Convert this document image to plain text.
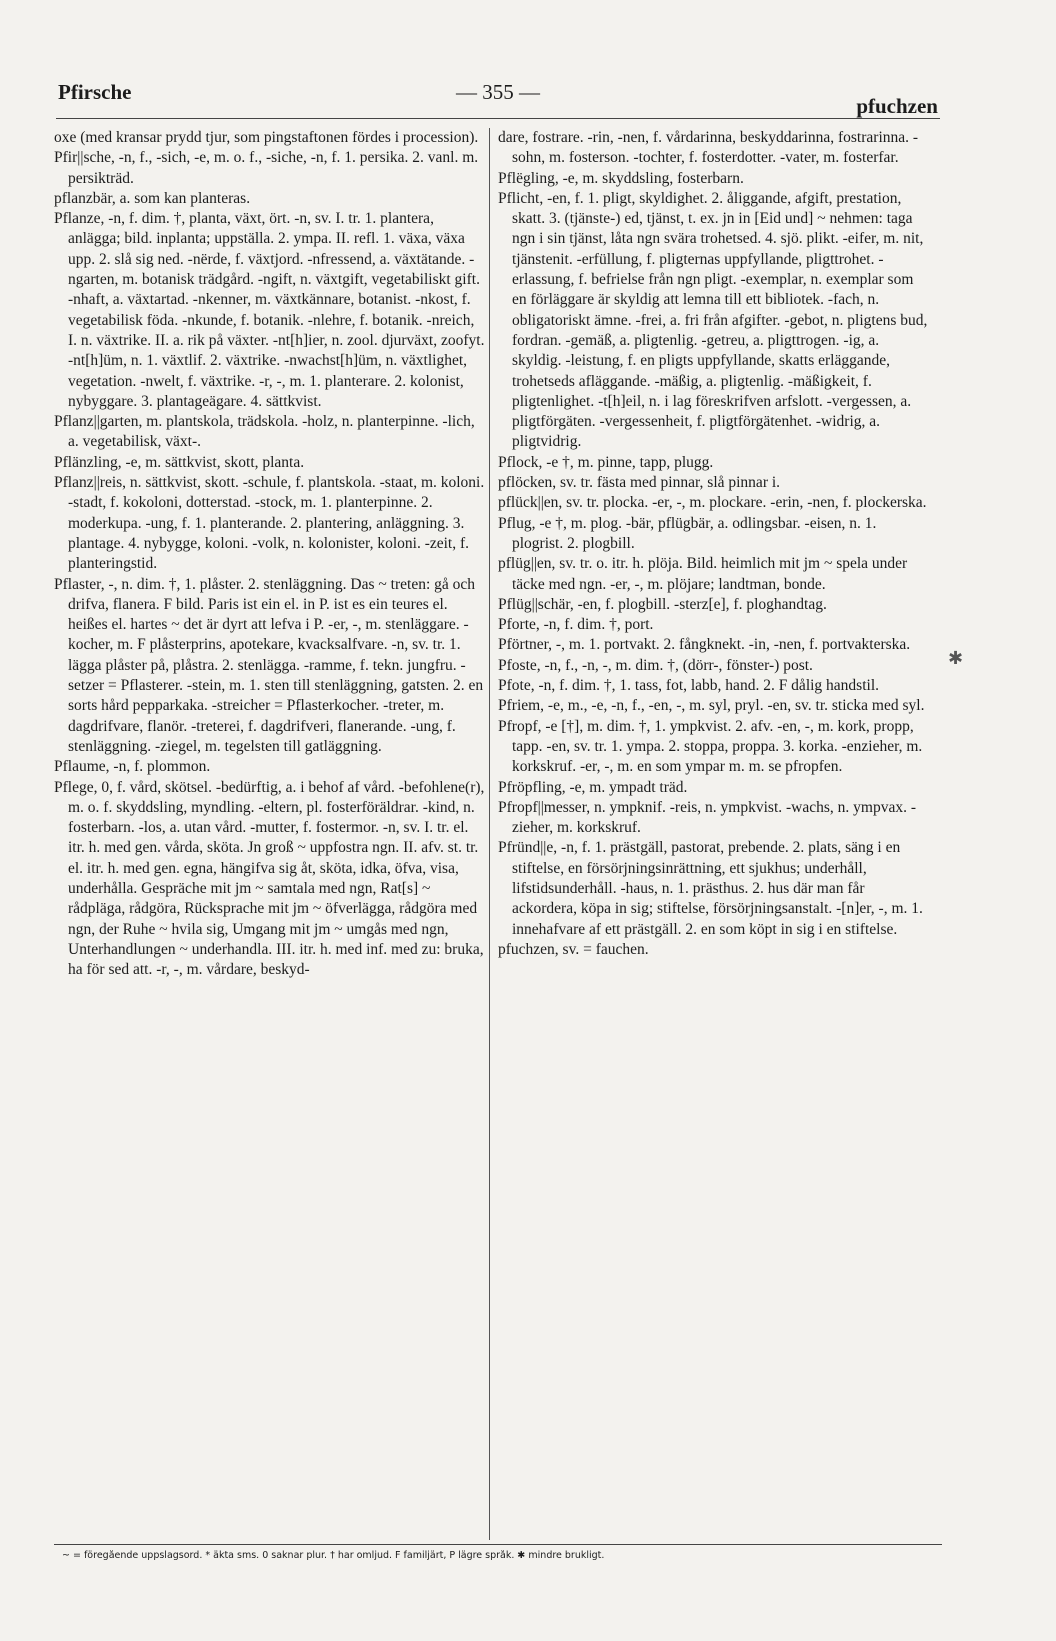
Pfirsche	— 355 —
pfuchzen

oxe (med kransar prydd tjur, som pingstaftonen fördes i procession).

Pfir||sche, -n, f., -sich, -e, m. o. f., -siche, -n, f. 1. persika. 2. vanl. m. persikträd.

pflanzbär, a. som kan planteras.

Pflanze, -n, f. dim. †, planta, växt, ört. -n, sv. I. tr. 1. plantera, anlägga; bild. inplanta; uppställa. 2. ympa. II. refl. 1. växa, växa upp. 2. slå sig ned. -nërde, f. växtjord. -nfressend, a. växtätande. -ngarten, m. botanisk trädgård. -ngift, n. växtgift, vegetabiliskt gift. -nhaft, a. växtartad. -nkenner, m. växtkännare, botanist. -nkost, f. vegetabilisk föda. -nkunde, f. botanik. -nlehre, f. botanik. -nreich, I. n. växtrike. II. a. rik på växter. -nt[h]ier, n. zool. djurväxt, zoofyt. -nt[h]üm, n. 1. växtlif. 2. växtrike. -nwachst[h]üm, n. växtlighet, vegetation. -nwelt, f. växtrike. -r, -, m. 1. planterare. 2. kolonist, nybyggare. 3. plantageägare. 4. sättkvist.

Pflanz||garten, m. plantskola, trädskola. -holz, n. planterpinne. -lich, a. vegetabilisk, växt-.

Pflänzling, -e, m. sättkvist, skott, planta.

Pflanz||reis, n. sättkvist, skott. -schule, f. plantskola. -staat, m. koloni. -stadt, f. kokoloni, dotterstad. -stock, m. 1. planterpinne. 2. moderkupa. -ung, f. 1. planterande. 2. plantering, anläggning. 3. plantage. 4. nybygge, koloni. -volk, n. kolonister, koloni. -zeit, f. planteringstid.

Pflaster, -, n. dim. †, 1. plåster. 2. stenläggning. Das ~ treten: gå och drifva, flanera. F bild. Paris ist ein el. in P. ist es ein teures el. heißes el. hartes ~ det är dyrt att lefva i P. -er, -, m. stenläggare. -kocher, m. F plåsterprins, apotekare, kvacksalfvare. -n, sv. tr. 1. lägga plåster på, plåstra. 2. stenlägga. -ramme, f. tekn. jungfru. -setzer = Pflasterer. -stein, m. 1. sten till stenläggning, gatsten. 2. en sorts hård pepparkaka. -streicher = Pflasterkocher. -treter, m. dagdrifvare, flanör. -treterei, f. dagdrifveri, flanerande. -ung, f. stenläggning. -ziegel, m. tegelsten till gatläggning.

Pflaume, -n, f. plommon.

Pflege, 0, f. vård, skötsel. -bedürftig, a. i behof af vård. -befohlene(r), m. o. f. skyddsling, myndling. -eltern, pl. fosterföräldrar. -kind, n. fosterbarn. -los, a. utan vård. -mutter, f. fostermor. -n, sv. I. tr. el. itr. h. med gen. vårda, sköta. Jn groß ~ uppfostra ngn. II. afv. st. tr. el. itr. h. med gen. egna, hängifva sig åt, sköta, idka, öfva, visa, underhålla. Gespräche mit jm ~ samtala med ngn, Rat[s] ~ rådpläga, rådgöra, Rücksprache mit jm ~ öfverlägga, rådgöra med ngn, der Ruhe ~ hvila sig, Umgang mit jm ~ umgås med ngn, Unterhandlungen ~ underhandla. III. itr. h. med inf. med zu: bruka, ha för sed att. -r, -, m. vårdare, beskyd-

dare, fostrare. -rin, -nen, f. vårdarinna, beskyddarinna, fostrarinna. -sohn, m. fosterson. -tochter, f. fosterdotter. -vater, m. fosterfar.

Pflëgling, -e, m. skyddsling, fosterbarn.

Pflicht, -en, f. 1. pligt, skyldighet. 2. åliggande, afgift, prestation, skatt. 3. (tjänste-) ed, tjänst, t. ex. jn in [Eid und] ~ nehmen: taga ngn i sin tjänst, låta ngn svära trohetsed. 4. sjö. plikt. -eifer, m. nit, tjänstenit. -erfüllung, f. pligternas uppfyllande, pligttrohet. -erlassung, f. befrielse från ngn pligt. -exemplar, n. exemplar som en förläggare är skyldig att lemna till ett bibliotek. -fach, n. obligatoriskt ämne. -frei, a. fri från afgifter. -gebot, n. pligtens bud, fordran. -gemäß, a. pligtenlig. -getreu, a. pligttrogen. -ig, a. skyldig. -leistung, f. en pligts uppfyllande, skatts erläggande, trohetseds afläggande. -mäßig, a. pligtenlig. -mäßigkeit, f. pligtenlighet. -t[h]eil, n. i lag föreskrifven arfslott. -vergessen, a. pligtförgäten. -vergessenheit, f. pligtförgätenhet. -widrig, a. pligtvidrig.

Pflock, -e †, m. pinne, tapp, plugg.

pflöcken, sv. tr. fästa med pinnar, slå pinnar i.

pflück||en, sv. tr. plocka. -er, -, m. plockare. -erin, -nen, f. plockerska.

Pflug, -e †, m. plog. -bär, pflügbär, a. odlingsbar. -eisen, n. 1. plogrist. 2. plogbill.

pflüg||en, sv. tr. o. itr. h. plöja. Bild. heimlich mit jm ~ spela under täcke med ngn. -er, -, m. plöjare; landtman, bonde.

Pflüg||schär, -en, f. plogbill. -sterz[e], f. ploghandtag.

Pforte, -n, f. dim. †, port.

Pförtner, -, m. 1. portvakt. 2. fångknekt. -in, -nen, f. portvakterska.

Pfoste, -n, f., -n, -, m. dim. †, (dörr-, fönster-) post.

Pfote, -n, f. dim. †, 1. tass, fot, labb, hand. 2. F dålig handstil.

Pfriem, -e, m., -e, -n, f., -en, -, m. syl, pryl. -en, sv. tr. sticka med syl.

Pfropf, -e [†], m. dim. †, 1. ympkvist. 2. afv. -en, -, m. kork, propp, tapp. -en, sv. tr. 1. ympa. 2. stoppa, proppa. 3. korka. -enzieher, m. korkskruf. -er, -, m. en som ympar m. m. se pfropfen.

Pfröpfling, -e, m. ympadt träd.

Pfropf||messer, n. ympknif. -reis, n. ympkvist. -wachs, n. ympvax. -zieher, m. korkskruf.

Pfründ||e, -n, f. 1. prästgäll, pastorat, prebende. 2. plats, säng i en stiftelse, en försörjningsinrättning, ett sjukhus; underhåll, lifstidsunderhåll. -haus, n. 1. prästhus. 2. hus där man får ackordera, köpa in sig; stiftelse, försörjningsanstalt. -[n]er, -, m. 1. innehafvare af ett prästgäll. 2. en som köpt in sig i en stiftelse.

pfuchzen, sv. = fauchen.

✱
~ = föregående uppslagsord. * äkta sms. 0 saknar plur. † har omljud. F familjärt, P lägre språk. ✱ mindre brukligt.
